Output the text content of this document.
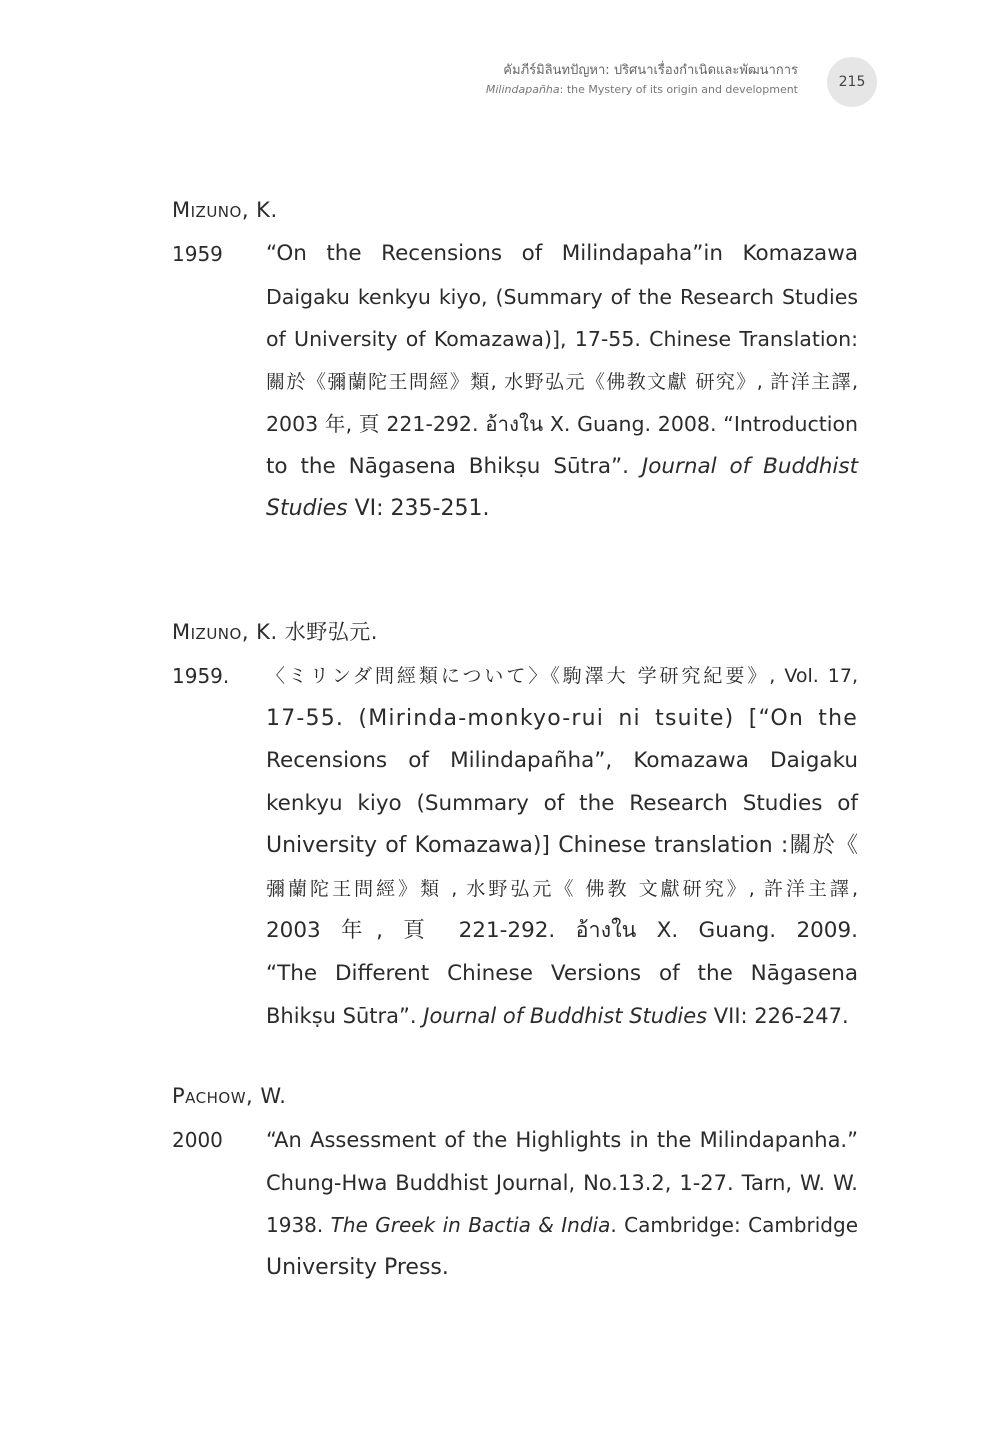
คัมภีร์มิลินทปัญหา: ปริศนาเรื่องกำเนิดและพัฒนาการ
Milindapañha: the Mystery of its origin and development	215
Mizuno, K.
1959 “On the Recensions of Milindapaha”in Komazawa
Daigaku kenkyu kiyo, (Summary of the Research Studies
of University of Komazawa)], 17-55. Chinese Translation:
關於《彌蘭陀王問經》類, 水野弘元《佛教文獻 研究》, 許洋主譯,
2003 年, 頁 221-292. อ้างใน X. Guang. 2008. “Introduction
to the Nāgasena Bhikṣu Sūtra”. Journal of Buddhist
Studies VI: 235-251.
Mizuno, K. 水野弘元.
1959. 〈ミリンダ問經類について〉《駒澤大 学研究紀要》, Vol. 17,
17-55. (Mirinda-monkyo-rui ni tsuite) [“On the
Recensions of Milindapañha”, Komazawa Daigaku
kenkyu kiyo (Summary of the Research Studies of
University of Komazawa)] Chinese translation :關於《
彌蘭陀王問經》類 , 水野弘元《 佛教 文獻研究》, 許洋主譯,
2003 年, 頁 221-292. อ้างใน X. Guang. 2009.
“The Different Chinese Versions of the Nāgasena
Bhikṣu Sūtra”. Journal of Buddhist Studies VII: 226-247.
Pachow, W.
2000 “An Assessment of the Highlights in the Milindapanha.”
Chung-Hwa Buddhist Journal, No.13.2, 1-27. Tarn, W. W.
1938. The Greek in Bactia & India. Cambridge: Cambridge
University Press.
